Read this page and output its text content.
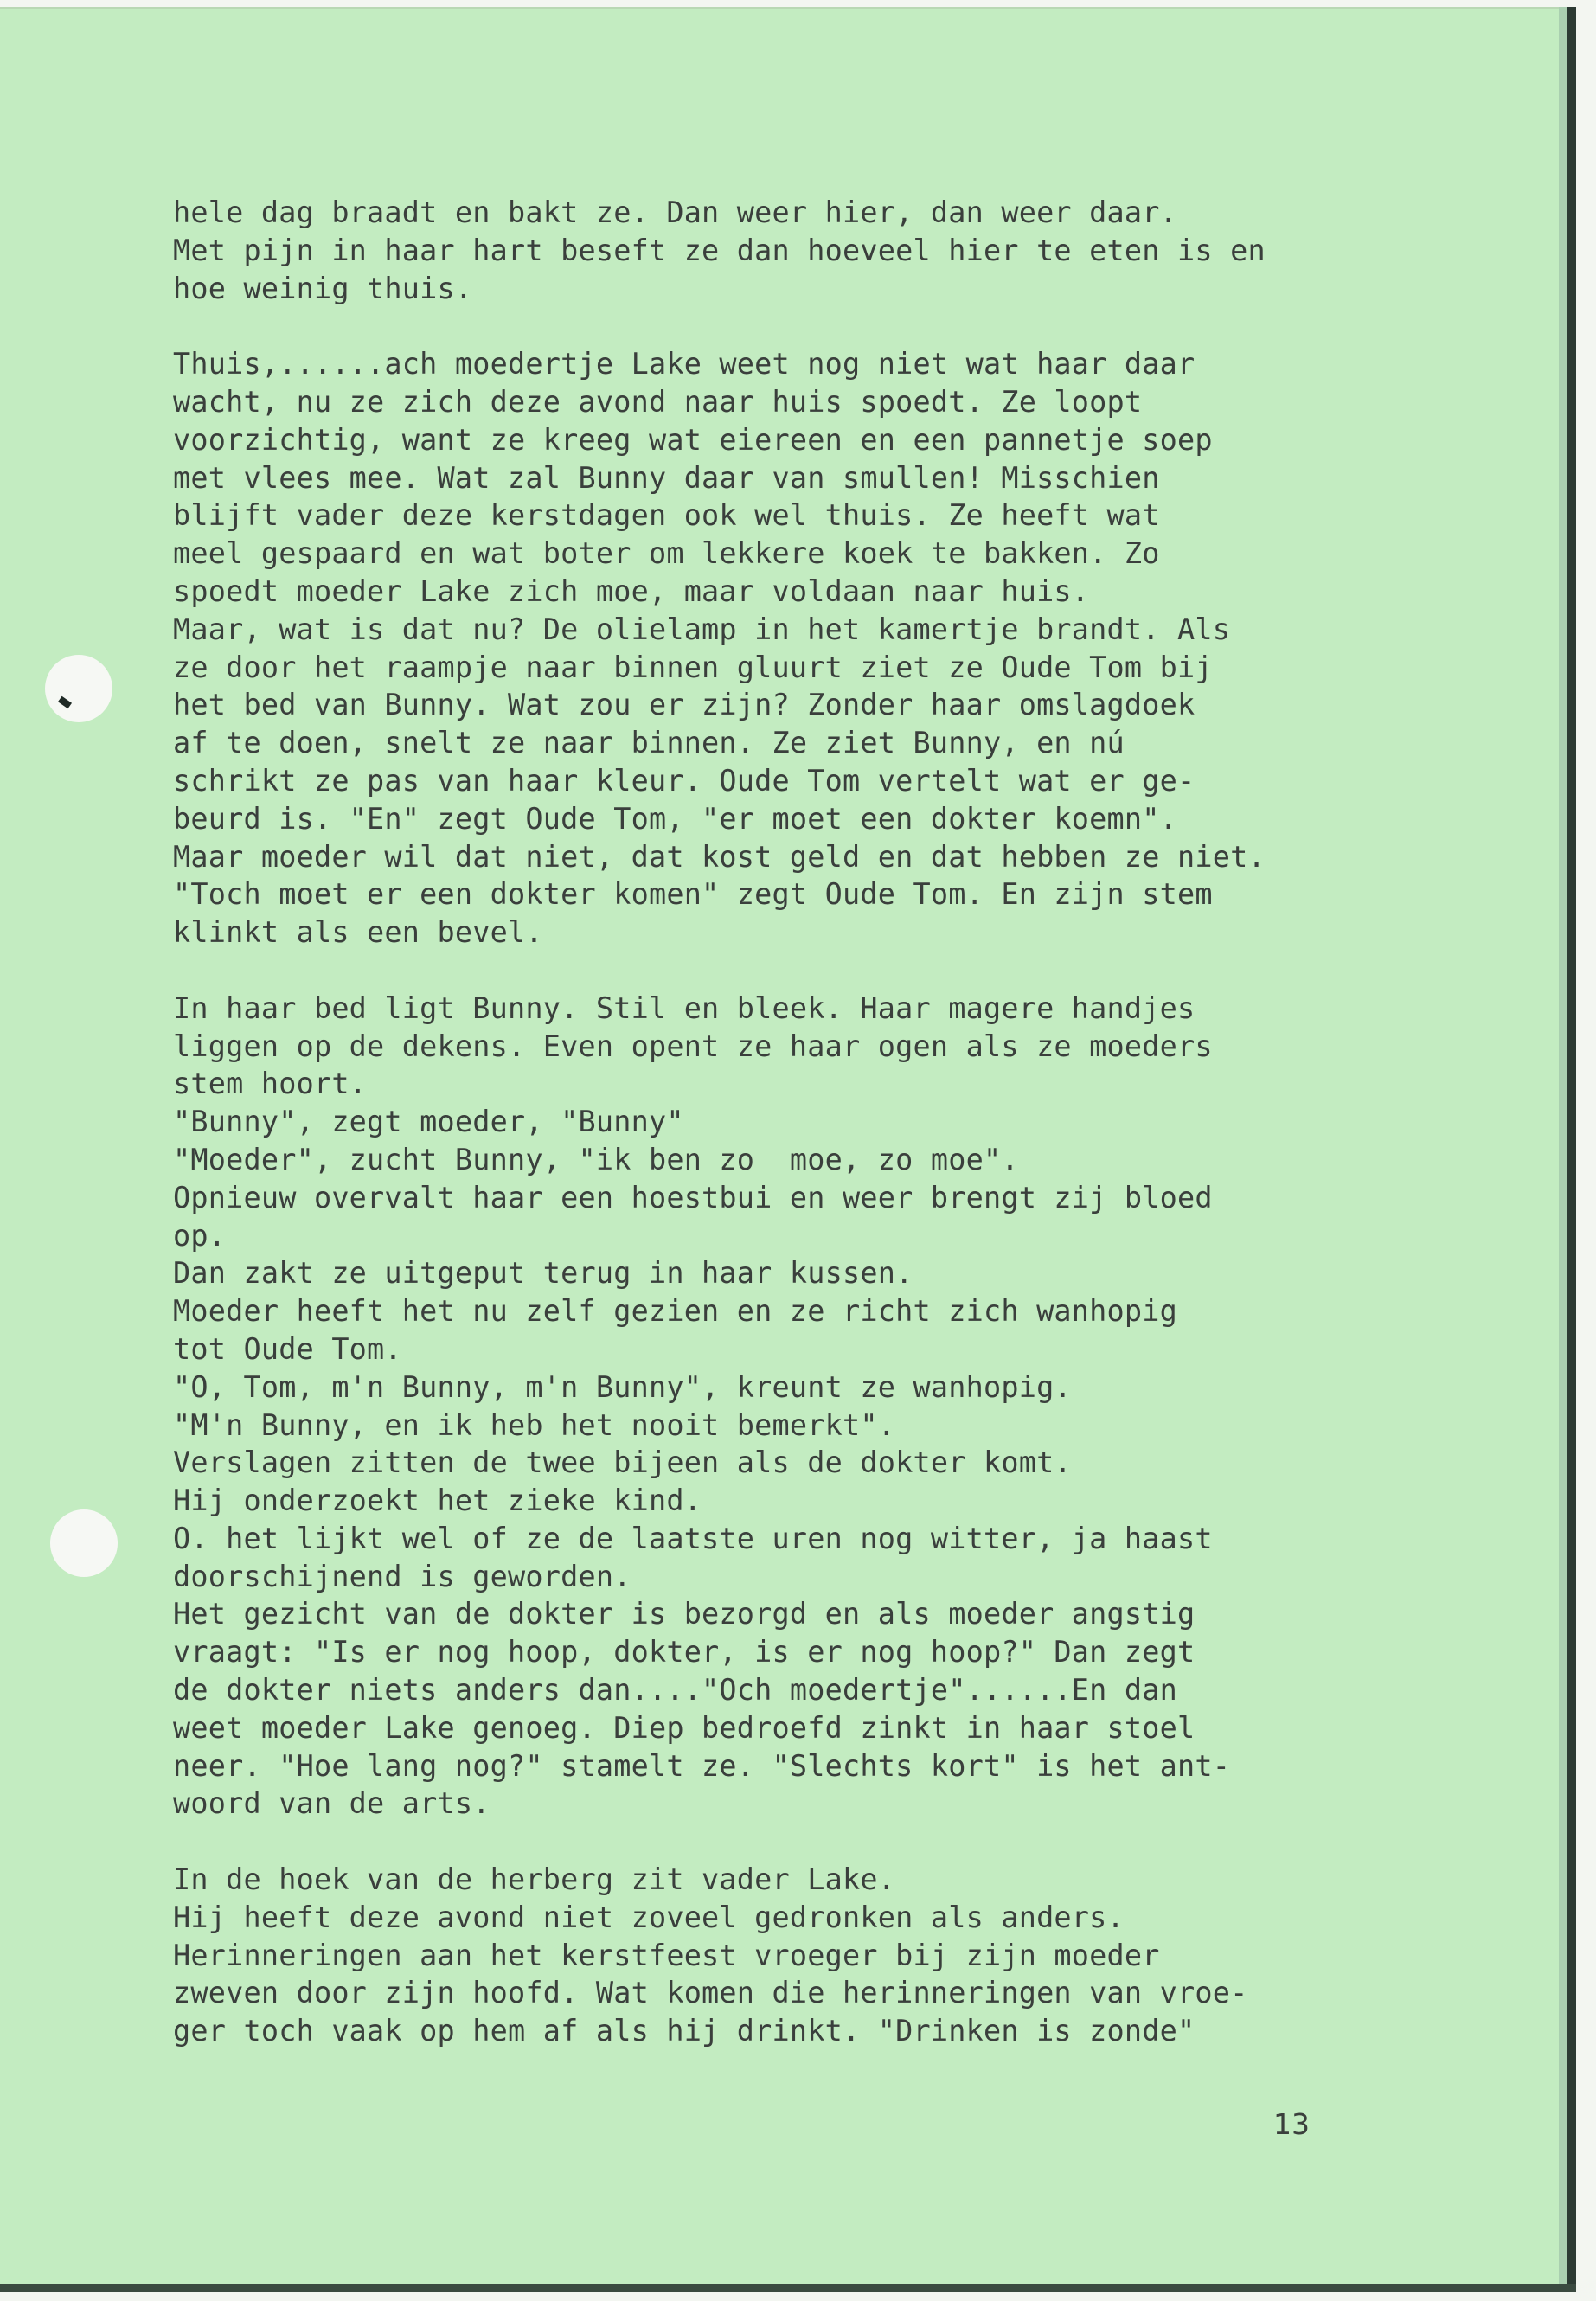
hele dag braadt en bakt ze. Dan weer hier, dan weer daar.
Met pijn in haar hart beseft ze dan hoeveel hier te eten is en
hoe weinig thuis.
Thuis,......ach moedertje Lake weet nog niet wat haar daar
wacht, nu ze zich deze avond naar huis spoedt. Ze loopt
voorzichtig, want ze kreeg wat eiereen en een pannetje soep
met vlees mee. Wat zal Bunny daar van smullen! Misschien
blijft vader deze kerstdagen ook wel thuis. Ze heeft wat
meel gespaard en wat boter om lekkere koek te bakken. Zo
spoedt moeder Lake zich moe, maar voldaan naar huis.
Maar, wat is dat nu? De olielamp in het kamertje brandt. Als
ze door het raampje naar binnen gluurt ziet ze Oude Tom bij
het bed van Bunny. Wat zou er zijn? Zonder haar omslagdoek
af te doen, snelt ze naar binnen. Ze ziet Bunny, en nú
schrikt ze pas van haar kleur. Oude Tom vertelt wat er ge-
beurd is. "En" zegt Oude Tom, "er moet een dokter koemn".
Maar moeder wil dat niet, dat kost geld en dat hebben ze niet.
"Toch moet er een dokter komen" zegt Oude Tom. En zijn stem
klinkt als een bevel.
In haar bed ligt Bunny. Stil en bleek. Haar magere handjes
liggen op de dekens. Even opent ze haar ogen als ze moeders
stem hoort.
"Bunny", zegt moeder, "Bunny"
"Moeder", zucht Bunny, "ik ben zo  moe, zo moe".
Opnieuw overvalt haar een hoestbui en weer brengt zij bloed
op.
Dan zakt ze uitgeput terug in haar kussen.
Moeder heeft het nu zelf gezien en ze richt zich wanhopig
tot Oude Tom.
"O, Tom, m'n Bunny, m'n Bunny", kreunt ze wanhopig.
"M'n Bunny, en ik heb het nooit bemerkt".
Verslagen zitten de twee bijeen als de dokter komt.
Hij onderzoekt het zieke kind.
O. het lijkt wel of ze de laatste uren nog witter, ja haast
doorschijnend is geworden.
Het gezicht van de dokter is bezorgd en als moeder angstig
vraagt: "Is er nog hoop, dokter, is er nog hoop?" Dan zegt
de dokter niets anders dan...."Och moedertje"......En dan
weet moeder Lake genoeg. Diep bedroefd zinkt in haar stoel
neer. "Hoe lang nog?" stamelt ze. "Slechts kort" is het ant-
woord van de arts.
In de hoek van de herberg zit vader Lake.
Hij heeft deze avond niet zoveel gedronken als anders.
Herinneringen aan het kerstfeest vroeger bij zijn moeder
zweven door zijn hoofd. Wat komen die herinneringen van vroe-
ger toch vaak op hem af als hij drinkt. "Drinken is zonde"
13
